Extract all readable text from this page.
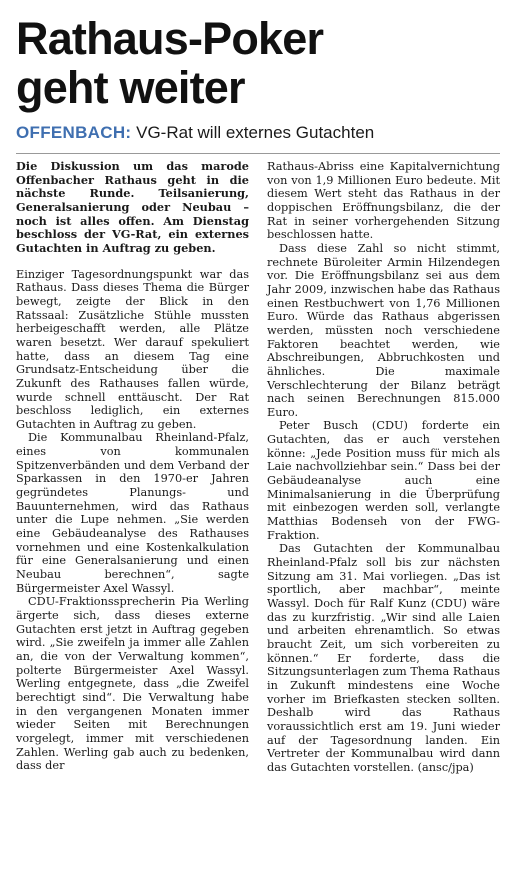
Rathaus-Poker
geht weiter
OFFENBACH: VG-Rat will externes Gutachten

Die Diskussion um das marode Offenbacher Rathaus geht in die nächste Runde. Teilsanierung, Generalsanierung oder Neubau – noch ist alles offen. Am Dienstag beschloss der VG-Rat, ein externes Gutachten in Auftrag zu geben.

Einziger Tagesordnungspunkt war das Rathaus. Dass dieses Thema die Bürger bewegt, zeigte der Blick in den Ratssaal: Zusätzliche Stühle mussten herbeigeschafft werden, alle Plätze waren besetzt. Wer darauf spekuliert hatte, dass an diesem Tag eine Grundsatz-Entscheidung über die Zukunft des Rathauses fallen würde, wurde schnell enttäuscht. Der Rat beschloss lediglich, ein externes Gutachten in Auftrag zu geben.

Die Kommunalbau Rheinland-Pfalz, eines von kommunalen Spitzenverbänden und dem Verband der Sparkassen in den 1970-er Jahren gegründetes Planungs- und Bauunternehmen, wird das Rathaus unter die Lupe nehmen. „Sie werden eine Gebäudeanalyse des Rathauses vornehmen und eine Kostenkalkulation für eine Generalsanierung und einen Neubau berechnen“, sagte Bürgermeister Axel Wassyl.

CDU-Fraktionssprecherin Pia Werling ärgerte sich, dass dieses externe Gutachten erst jetzt in Auftrag gegeben wird. „Sie zweifeln ja immer alle Zahlen an, die von der Verwaltung kommen“, polterte Bürgermeister Axel Wassyl. Werling entgegnete, dass „die Zweifel berechtigt sind“. Die Verwaltung habe in den vergangenen Monaten immer wieder Seiten mit Berechnungen vorgelegt, immer mit verschiedenen Zahlen. Werling gab auch zu bedenken, dass der

Rathaus-Abriss eine Kapitalvernichtung von von 1,9 Millionen Euro bedeute. Mit diesem Wert steht das Rathaus in der doppischen Eröffnungsbilanz, die der Rat in seiner vorhergehenden Sitzung beschlossen hatte.

Dass diese Zahl so nicht stimmt, rechnete Büroleiter Armin Hilzendegen vor. Die Eröffnungsbilanz sei aus dem Jahr 2009, inzwischen habe das Rathaus einen Restbuchwert von 1,76 Millionen Euro. Würde das Rathaus abgerissen werden, müssten noch verschiedene Faktoren beachtet werden, wie Abschreibungen, Abbruchkosten und ähnliches. Die maximale Verschlechterung der Bilanz beträgt nach seinen Berechnungen 815.000 Euro.

Peter Busch (CDU) forderte ein Gutachten, das er auch verstehen könne: „Jede Position muss für mich als Laie nachvollziehbar sein.“ Dass bei der Gebäudeanalyse auch eine Minimalsanierung in die Überprüfung mit einbezogen werden soll, verlangte Matthias Bodenseh von der FWG-Fraktion.

Das Gutachten der Kommunalbau Rheinland-Pfalz soll bis zur nächsten Sitzung am 31. Mai vorliegen. „Das ist sportlich, aber machbar“, meinte Wassyl. Doch für Ralf Kunz (CDU) wäre das zu kurzfristig. „Wir sind alle Laien und arbeiten ehrenamtlich. So etwas braucht Zeit, um sich vorbereiten zu können.“ Er forderte, dass die Sitzungsunterlagen zum Thema Rathaus in Zukunft mindestens eine Woche vorher im Briefkasten stecken sollten. Deshalb wird das Rathaus voraussichtlich erst am 19. Juni wieder auf der Tagesordnung landen. Ein Vertreter der Kommunalbau wird dann das Gutachten vorstellen. (ansc/jpa)
